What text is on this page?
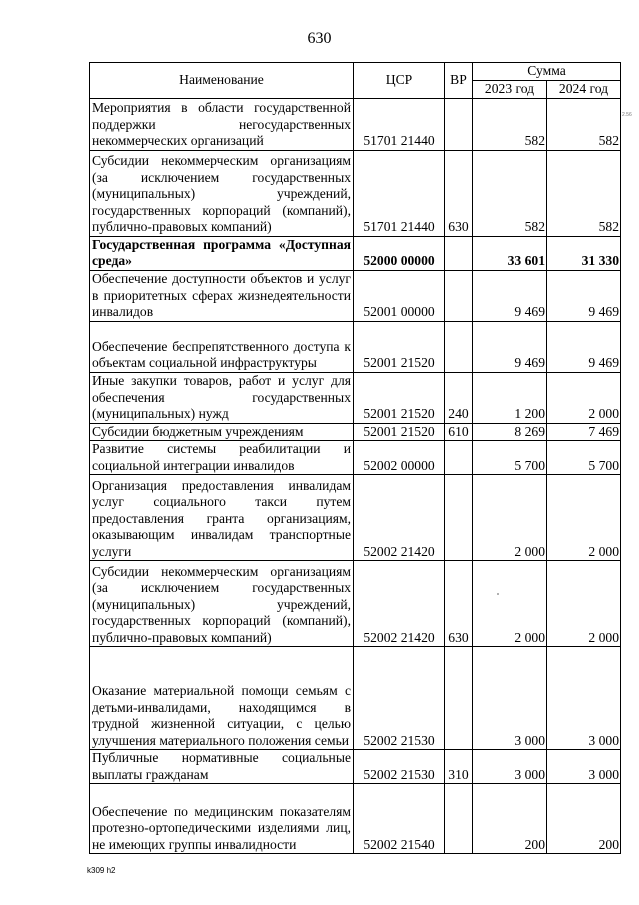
630
2.56
Наименование	ЦСР	ВР	Сумма	
			2023 год	2024 год
Мероприятия в области государственной поддержки негосударственных некоммерческих организаций	51701 21440		582	582
Субсидии некоммерческим организациям (за исключением государственных (муниципальных) учреждений, государственных корпораций (компаний), публично-правовых компаний)	51701 21440	630	582	582
Государственная программа «Доступная среда»	52000 00000		33 601	31 330
Обеспечение доступности объектов и услуг в приоритетных сферах жизнедеятельности инвалидов	52001 00000		9 469	9 469
Обеспечение беспрепятственного доступа к объектам социальной инфраструктуры	52001 21520		9 469	9 469
Иные закупки товаров, работ и услуг для обеспечения государственных (муниципальных) нужд	52001 21520	240	1 200	2 000
Субсидии бюджетным учреждениям	52001 21520	610	8 269	7 469
Развитие системы реабилитации и социальной интеграции инвалидов	52002 00000		5 700	5 700
Организация предоставления инвалидам услуг социального такси путем предоставления гранта организациям, оказывающим инвалидам транспортные услуги	52002 21420		2 000	2 000
Субсидии некоммерческим организациям (за исключением государственных (муниципальных) учреждений, государственных корпораций (компаний), публично-правовых компаний)	52002 21420	630	2 000	2 000
Оказание материальной помощи семьям с детьми-инвалидами, находящимся в трудной жизненной ситуации, с целью улучшения материального положения семьи	52002 21530		3 000	3 000
Публичные нормативные социальные выплаты гражданам	52002 21530	310	3 000	3 000
Обеспечение по медицинским показателям протезно-ортопедическими изделиями лиц, не имеющих группы инвалидности	52002 21540		200	200
k309 h2
